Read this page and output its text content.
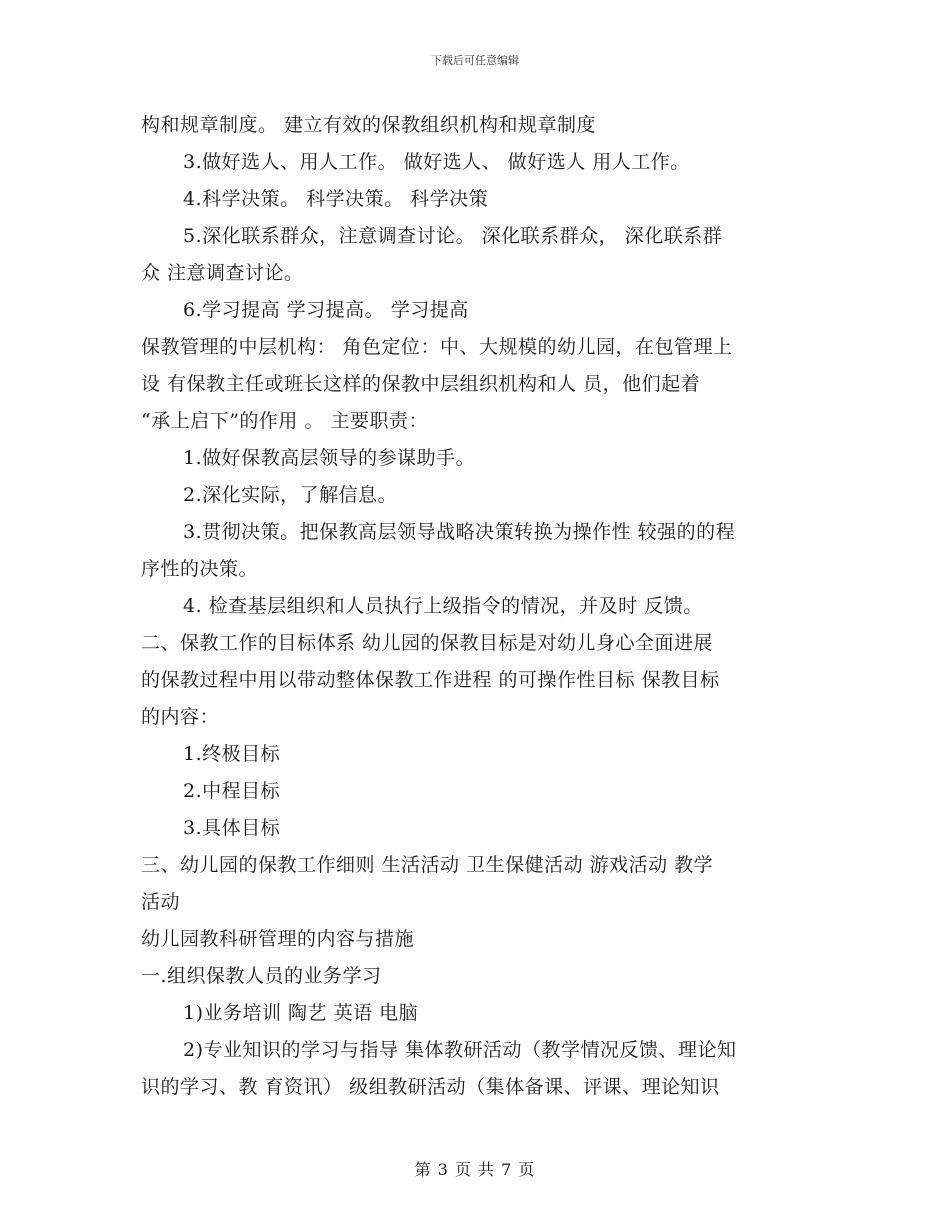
下载后可任意编辑
构和规章制度。 建立有效的保教组织机构和规章制度
3.做好选人、用人工作。 做好选人、 做好选人 用人工作。
4.科学决策。 科学决策。 科学决策
5.深化联系群众，注意调查讨论。 深化联系群众， 深化联系群
众 注意调查讨论。
6.学习提高 学习提高。 学习提高
保教管理的中层机构： 角色定位：中、大规模的幼儿园，在包管理上
设 有保教主任或班长这样的保教中层组织机构和人 员，他们起着
“承上启下”的作用 。 主要职责：
1.做好保教高层领导的参谋助手。
2.深化实际，了解信息。
3.贯彻决策。把保教高层领导战略决策转换为操作性 较强的的程
序性的决策。
4. 检查基层组织和人员执行上级指令的情况，并及时 反馈。
二、保教工作的目标体系 幼儿园的保教目标是对幼儿身心全面进展
的保教过程中用以带动整体保教工作进程 的可操作性目标 保教目标
的内容：
1.终极目标
2.中程目标
3.具体目标
三、幼儿园的保教工作细则 生活活动 卫生保健活动 游戏活动 教学
活动
幼儿园教科研管理的内容与措施
一.组织保教人员的业务学习
1)业务培训 陶艺 英语 电脑
2)专业知识的学习与指导 集体教研活动（教学情况反馈、理论知
识的学习、教 育资讯） 级组教研活动（集体备课、评课、理论知识
第 3 页 共 7 页
